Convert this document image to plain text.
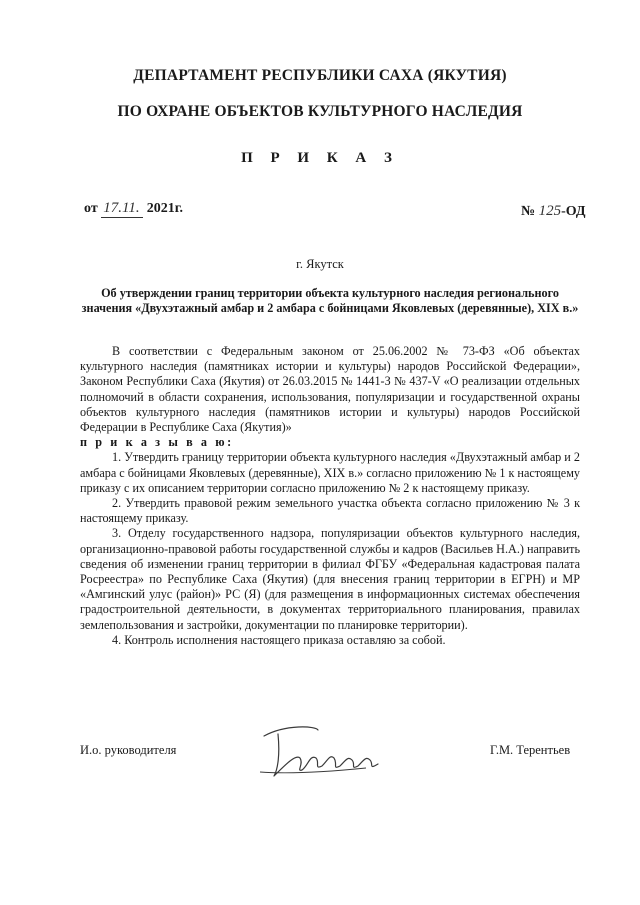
ДЕПАРТАМЕНТ РЕСПУБЛИКИ САХА (ЯКУТИЯ)
ПО ОХРАНЕ ОБЪЕКТОВ КУЛЬТУРНОГО НАСЛЕДИЯ
П Р И К А З
от 17.11. 2021г.	№ 125-ОД
г. Якутск
Об утверждении границ территории объекта культурного наследия регионального значения «Двухэтажный амбар и 2 амбара с бойницами Яковлевых (деревянные), XIX в.»

В соответствии с Федеральным законом от 25.06.2002 № 73-ФЗ «Об объектах культурного наследия (памятниках истории и культуры) народов Российской Федерации», Законом Республики Саха (Якутия) от 26.03.2015 № 1441-З № 437-V «О реализации отдельных полномочий в области сохранения, использования, популяризации и государственной охраны объектов культурного наследия (памятников истории и культуры) народов Российской Федерации в Республике Саха (Якутия)»

п р и к а з ы в а ю:

1. Утвердить границу территории объекта культурного наследия «Двухэтажный амбар и 2 амбара с бойницами Яковлевых (деревянные), XIX в.» согласно приложению № 1 к настоящему приказу с их описанием территории согласно приложению № 2 к настоящему приказу.

2. Утвердить правовой режим земельного участка объекта согласно приложению № 3 к настоящему приказу.

3. Отделу государственного надзора, популяризации объектов культурного наследия, организационно-правовой работы государственной службы и кадров (Васильев Н.А.) направить сведения об изменении границ территории в филиал ФГБУ «Федеральная кадастровая палата Росреестра» по Республике Саха (Якутия) (для внесения границ территории в ЕГРН) и МР «Амгинский улус (район)» РС (Я) (для размещения в информационных системах обеспечения градостроительной деятельности, в документах территориального планирования, правилах землепользования и застройки, документации по планировке территории).

4. Контроль исполнения настоящего приказа оставляю за собой.

И.о. руководителя	Г.М. Терентьев
